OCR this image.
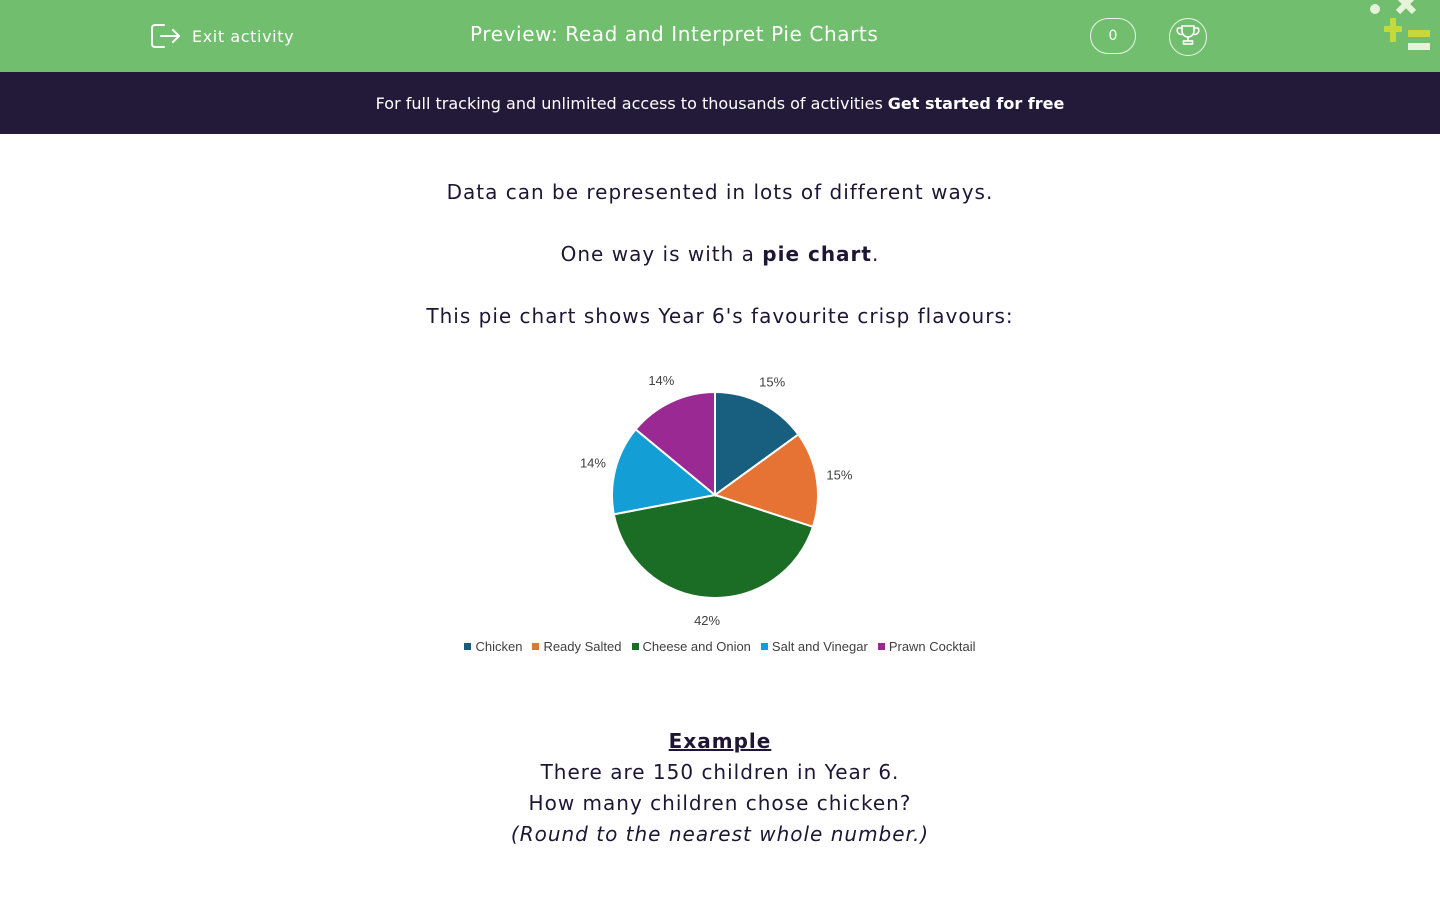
Exit activity	Preview: Read and Interpret Pie Charts	0
For full tracking and unlimited access to thousands of activities Get started for free

Data can be represented in lots of different ways.

One way is with a pie chart.

This pie chart shows Year 6's favourite crisp flavours:

15%
15%
42%
14%
14%
Chicken Ready Salted Cheese and Onion Salt and Vinegar Prawn Cocktail

Example

There are 150 children in Year 6.

How many children chose chicken?

(Round to the nearest whole number.)
